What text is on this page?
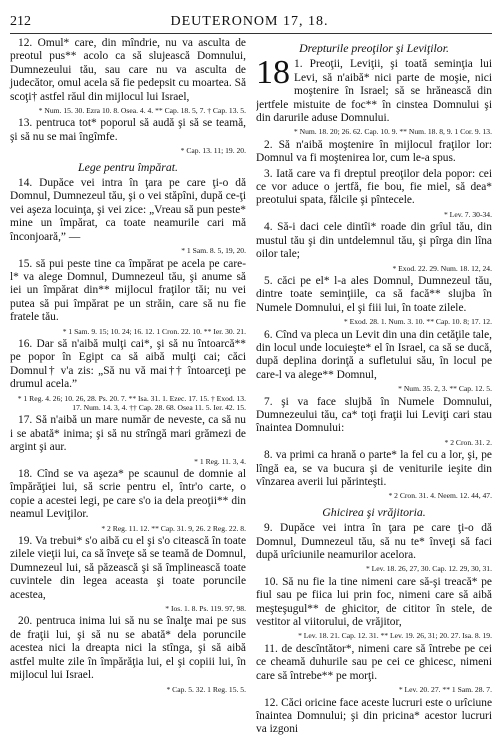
212	DEUTERONOM 17, 18.

12. Omul* care, din mîndrie, nu va asculta de preotul pus** acolo ca să slujească Domnului, Dumnezeului tău, sau care nu va asculta de judecător, omul acela să fie pedepsit cu moartea. Să scoţi† astfel răul din mijlocul lui Israel,

* Num. 15. 30. Ezra 10. 8. Osea. 4. 4. ** Cap. 18. 5, 7. † Cap. 13. 5.

13. pentruca tot* poporul să audă şi să se teamă, şi să nu se mai îngîmfe.

* Cap. 13. 11; 19. 20.

Lege pentru împărat.

14. Dupăce vei intra în ţara pe care ţi-o dă Domnul, Dumnezeul tău, şi o vei stăpîni, după ce-ţi vei aşeza locuinţa, şi vei zice: „Vreau să pun peste* mine un împărat, ca toate neamurile cari mă înconjoară,” —

* 1 Sam. 8. 5, 19, 20.

15. să pui peste tine ca împărat pe acela pe care-l* va alege Domnul, Dumnezeul tău, şi anume să iei un împărat din** mijlocul fraţilor tăi; nu vei putea să pui împărat pe un străin, care să nu fie fratele tău.

* 1 Sam. 9. 15; 10. 24; 16. 12. 1 Cron. 22. 10. ** Ier. 30. 21.

16. Dar să n'aibă mulţi cai*, şi să nu întoarcă** pe popor în Egipt ca să aibă mulţi cai; căci Domnul† v'a zis: „Să nu vă mai†† întoarceţi pe drumul acela.”

* 1 Reg. 4. 26; 10. 26, 28. Ps. 20. 7. ** Isa. 31. 1. Ezec. 17. 15. † Exod. 13. 17. Num. 14. 3, 4. †† Cap. 28. 68. Osea 11. 5. Ier. 42. 15.

17. Să n'aibă un mare număr de neveste, ca să nu i se abată* inima; şi să nu strîngă mari grămezi de argint şi aur.

* 1 Reg. 11. 3, 4.

18. Cînd se va aşeza* pe scaunul de domnie al împărăţiei lui, să scrie pentru el, într'o carte, o copie a acestei legi, pe care s'o ia dela preoţii** din neamul Leviţilor.

* 2 Reg. 11. 12. ** Cap. 31. 9, 26. 2 Reg. 22. 8.

19. Va trebui* s'o aibă cu el şi s'o citească în toate zilele vieţii lui, ca să înveţe să se teamă de Domnul, Dumnezeul lui, să păzească şi să împlinească toate cuvintele din legea aceasta şi toate poruncile acestea,

* Ios. 1. 8. Ps. 119. 97, 98.

20. pentruca inima lui să nu se înalţe mai pe sus de fraţii lui, şi să nu se abată* dela poruncile acestea nici la dreapta nici la stînga, şi să aibă astfel multe zile în împărăţia lui, el şi copiii lui, în mijlocul lui Israel.

* Cap. 5. 32. 1 Reg. 15. 5.

Drepturile preoţilor şi Leviţilor.

18 1. Preoţii, Leviţii, şi toată seminţia lui Levi, să n'aibă* nici parte de moşie, nici moştenire în Israel; să se hrănească din jertfele mistuite de foc** în cinstea Domnului şi din darurile aduse Domnului.

* Num. 18. 20; 26. 62. Cap. 10. 9. ** Num. 18. 8, 9. 1 Cor. 9. 13.

2. Să n'aibă moştenire în mijlocul fraţilor lor: Domnul va fi moştenirea lor, cum le-a spus.

3. Iată care va fi dreptul preoţilor dela popor: cei ce vor aduce o jertfă, fie bou, fie miel, să dea* preotului spata, fălcile şi pîntecele.

* Lev. 7. 30-34.

4. Să-i daci cele dintîi* roade din grîul tău, din mustul tău şi din untdelemnul tău, şi pîrga din lîna oilor tale;

* Exod. 22. 29. Num. 18. 12, 24.

5. căci pe el* l-a ales Domnul, Dumnezeul tău, dintre toate seminţiile, ca să facă** slujba în Numele Domnului, el şi fiii lui, în toate zilele.

* Exod. 28. 1. Num. 3. 10. ** Cap. 10. 8; 17. 12.

6. Cînd va pleca un Levit din una din cetăţile tale, din locul unde locuieşte* el în Israel, ca să se ducă, după deplina dorinţă a sufletului său, în locul pe care-l va alege** Domnul,

* Num. 35. 2, 3. ** Cap. 12. 5.

7. şi va face slujbă în Numele Domnului, Dumnezeului tău, ca* toţi fraţii lui Leviţi cari stau înaintea Domnului:

* 2 Cron. 31. 2.

8. va primi ca hrană o parte* la fel cu a lor, şi, pe lîngă ea, se va bucura şi de veniturile ieşite din vînzarea averii lui părinteşti.

* 2 Cron. 31. 4. Neem. 12. 44, 47.

Ghicirea şi vrăjitoria.

9. Dupăce vei intra în ţara pe care ţi-o dă Domnul, Dumnezeul tău, să nu te* înveţi să faci după urîciunile neamurilor acelora.

* Lev. 18. 26, 27, 30. Cap. 12. 29, 30, 31.

10. Să nu fie la tine nimeni care să-şi treacă* pe fiul sau pe fiica lui prin foc, nimeni care să aibă meşteşugul** de ghicitor, de cititor în stele, de vestitor al viitorului, de vrăjitor,

* Lev. 18. 21. Cap. 12. 31. ** Lev. 19. 26, 31; 20. 27. Isa. 8. 19.

11. de descîntător*, nimeni care să întrebe pe cei ce cheamă duhurile sau pe cei ce ghicesc, nimeni care să întrebe** pe morţi.

* Lev. 20. 27. ** 1 Sam. 28. 7.

12. Căci oricine face aceste lucruri este o urîciune înaintea Domnului; şi din pricina* acestor lucruri va izgoni
